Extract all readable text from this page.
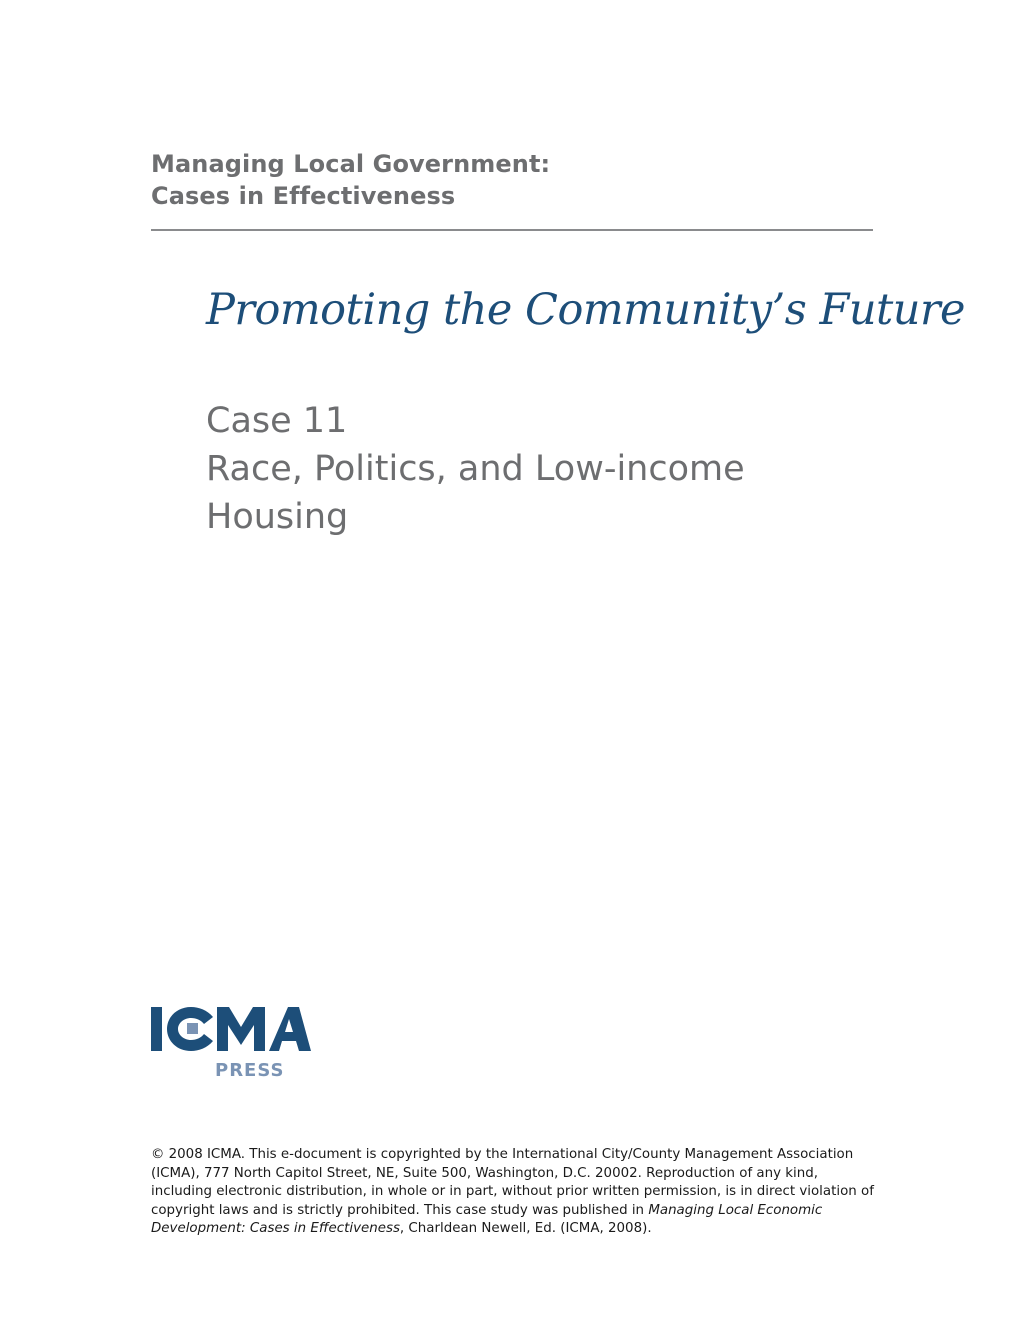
Managing Local Government:
Cases in Effectiveness
Promoting the Community’s Future
Case 11
Race, Politics, and Low-income
Housing
PRESS

© 2008 ICMA. This e-document is copyrighted by the International City/County Management Association (ICMA), 777 North Capitol Street, NE, Suite 500, Washington, D.C. 20002. Reproduction of any kind, including electronic distribution, in whole or in part, without prior written permission, is in direct violation of copyright laws and is strictly prohibited. This case study was published in Managing Local Economic Development: Cases in Effectiveness, Charldean Newell, Ed. (ICMA, 2008).
